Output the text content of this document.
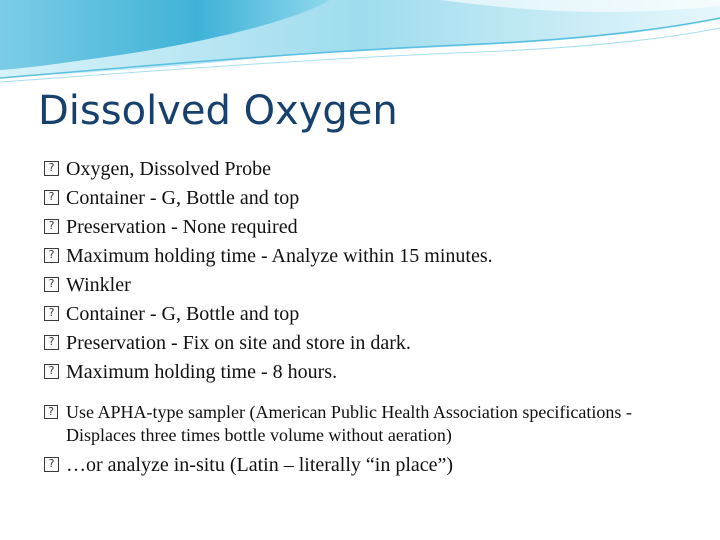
Dissolved Oxygen
? Oxygen, Dissolved Probe
? Container - G, Bottle and top
? Preservation - None required
? Maximum holding time - Analyze within 15 minutes.
? Winkler
? Container - G, Bottle and top
? Preservation - Fix on site and store in dark.
? Maximum holding time - 8 hours.
? Use APHA-type sampler (American Public Health Association specifications - Displaces three times bottle volume without aeration)
? …or analyze in-situ (Latin – literally “in place”)
